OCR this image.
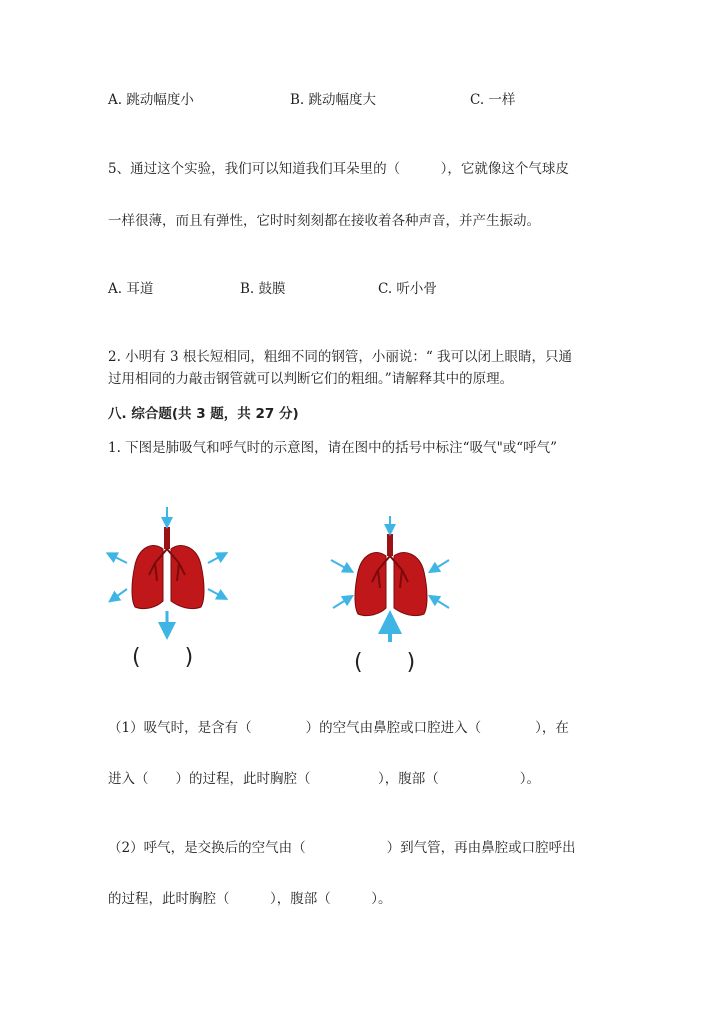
A. 跳动幅度小	B. 跳动幅度大	C. 一样
5、通过这个实验，我们可以知道我们耳朵里的（　　　），它就像这个气球皮
一样很薄，而且有弹性，它时时刻刻都在接收着各种声音，并产生振动。
A. 耳道	B. 鼓膜	C. 听小骨
2. 小明有 3 根长短相同，粗细不同的钢管，小丽说：“ 我可以闭上眼睛，只通
过用相同的力敲击钢管就可以判断它们的粗细。”请解释其中的原理。
八. 综合题(共 3 题，共 27 分)
1. 下图是肺吸气和呼气时的示意图，请在图中的括号中标注“吸气"或“呼气”
(　　)	(　　)
（1）吸气时，是含有（　　　　）的空气由鼻腔或口腔进入（　　　　），在
进入（　　）的过程，此时胸腔（　　　　　），腹部（　　　　　　）。
（2）呼气，是交换后的空气由（　　　　　　）到气管，再由鼻腔或口腔呼出
的过程，此时胸腔（　　　），腹部（　　　）。
